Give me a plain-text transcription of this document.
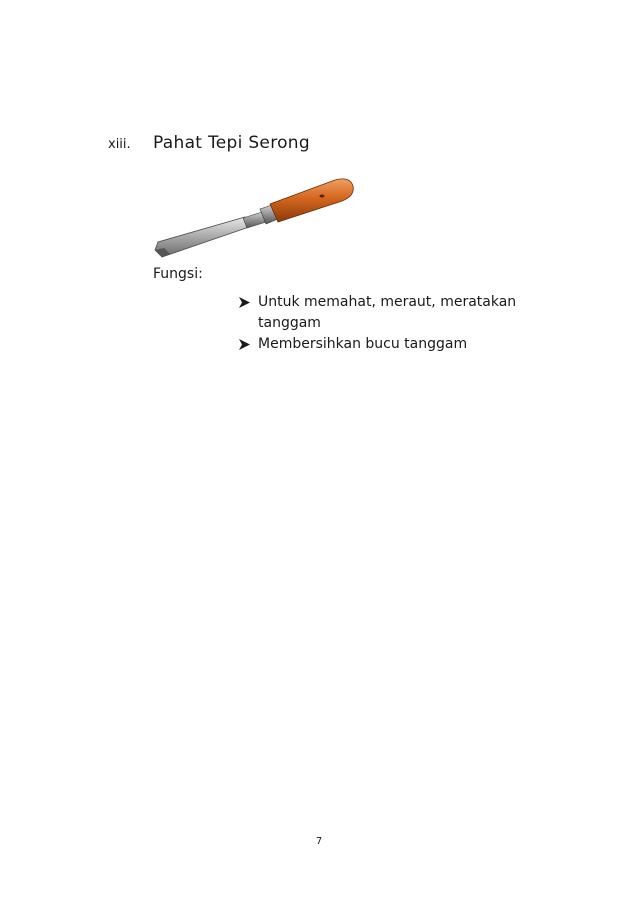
xiii. Pahat Tepi Serong
Fungsi:
Untuk memahat, meraut, meratakan tanggam
Membersihkan bucu tanggam
7
